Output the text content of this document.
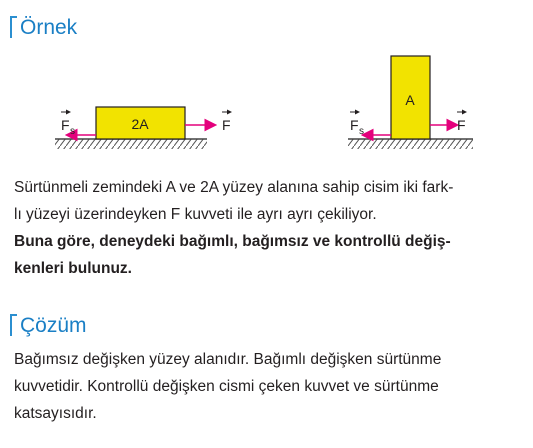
Örnek
2A	F
F s
A
F
F s

Sürtünmeli zemindeki A ve 2A yüzey alanına sahip cisim iki fark-

lı yüzeyi üzerindeyken F kuvveti ile ayrı ayrı çekiliyor.

Buna göre, deneydeki bağımlı, bağımsız ve kontrollü değiş-

kenleri bulunuz.

Çözüm

Bağımsız değişken yüzey alanıdır. Bağımlı değişken sürtünme

kuvvetidir. Kontrollü değişken cismi çeken kuvvet ve sürtünme

katsayısıdır.
